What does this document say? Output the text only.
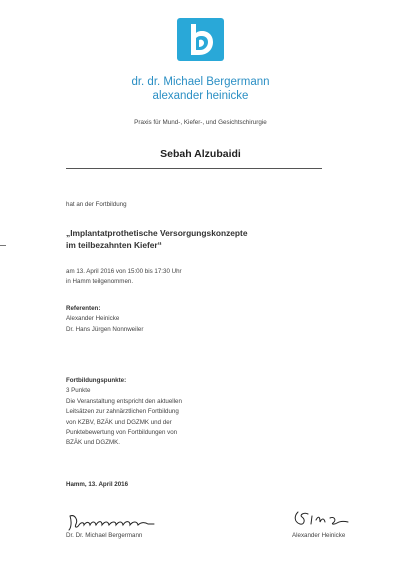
dr. dr. Michael Bergermann
alexander heinicke
Praxis für Mund-, Kiefer-, und Gesichtschirurgie
Sebah Alzubaidi
hat an der Fortbildung
„Implantatprothetische Versorgungskonzepte
im teilbezahnten Kiefer“
am 13. April 2016 von 15:00 bis 17:30 Uhr
in Hamm teilgenommen.
Referenten:
Alexander Heinicke
Dr. Hans Jürgen Nonnweiler
Fortbildungspunkte:
3 Punkte
Die Veranstaltung entspricht den aktuellen
Leitsätzen zur zahnärztlichen Fortbildung
von KZBV, BZÄK und DGZMK und der
Punktebewertung von Fortbildungen von
BZÄK und DGZMK.
Hamm, 13. April 2016
Dr. Dr. Michael Bergermann	Alexander Heinicke
